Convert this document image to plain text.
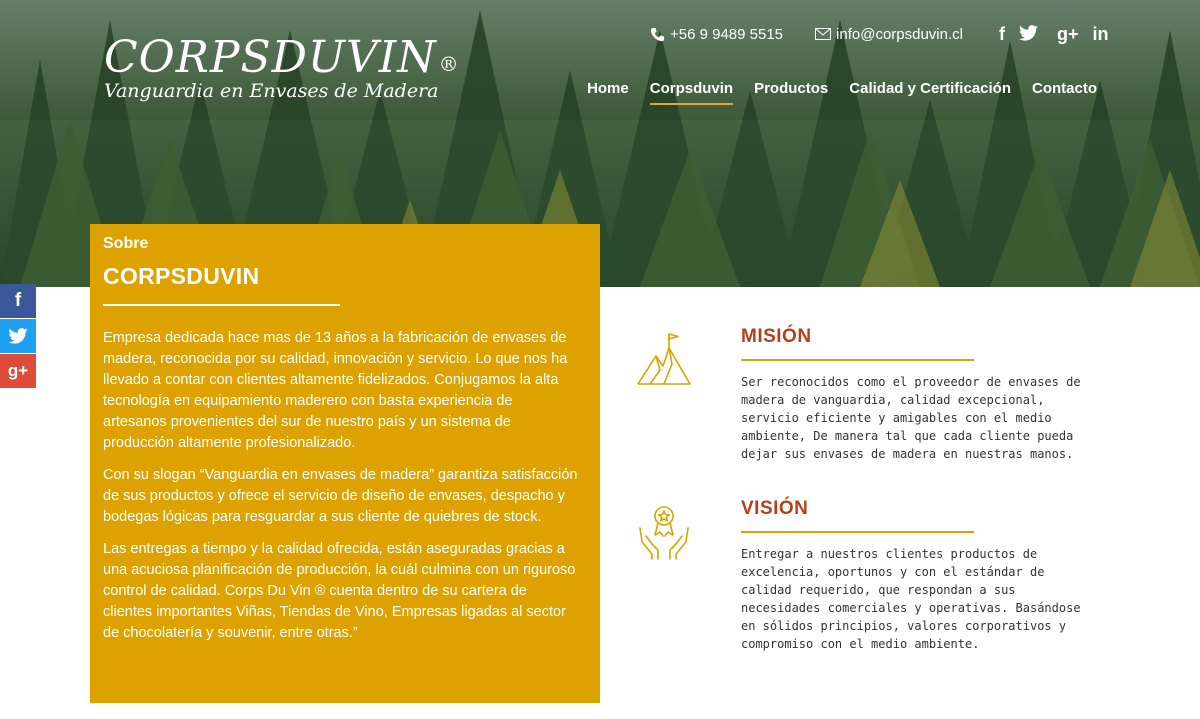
CORPSDUVIN ®
Vanguardia en Envases de Madera
+56 9 9489 5515	info@corpsduvin.cl f	g+ in
Home Corpsduvin Productos Calidad y Certificación Contacto
f
g+
Sobre
CORPSDUVIN

Empresa dedicada hace mas de 13 años a la fabricación de envases de madera, reconocida por su calidad, innovación y servicio. Lo que nos ha llevado a contar con clientes altamente fidelizados. Conjugamos la alta tecnología en equipamiento maderero con basta experiencia de artesanos provenientes del sur de nuestro país y un sistema de producción altamente profesionalizado.

Con su slogan “Vanguardia en envases de madera” garantiza satisfacción de sus productos y ofrece el servicio de diseño de envases, despacho y bodegas lógicas para resguardar a sus cliente de quiebres de stock.

Las entregas a tiempo y la calidad ofrecida, están aseguradas gracias a una acuciosa planificación de producción, la cuál culmina con un riguroso control de calidad. Corps Du Vin ® cuenta dentro de su cartera de clientes importantes Viñas, Tiendas de Vino, Empresas ligadas al sector de chocolatería y souvenir, entre otras.”

MISIÓN
Ser reconocidos como el proveedor de envases de madera de vanguardia, calidad excepcional, servicio eficiente y amigables con el medio ambiente, De manera tal que cada cliente pueda dejar sus envases de madera en nuestras manos.
VISIÓN
Entregar a nuestros clientes productos de excelencia, oportunos y con el estándar de calidad requerido, que respondan a sus necesidades comerciales y operativas. Basándose en sólidos principios, valores corporativos y compromiso con el medio ambiente.
